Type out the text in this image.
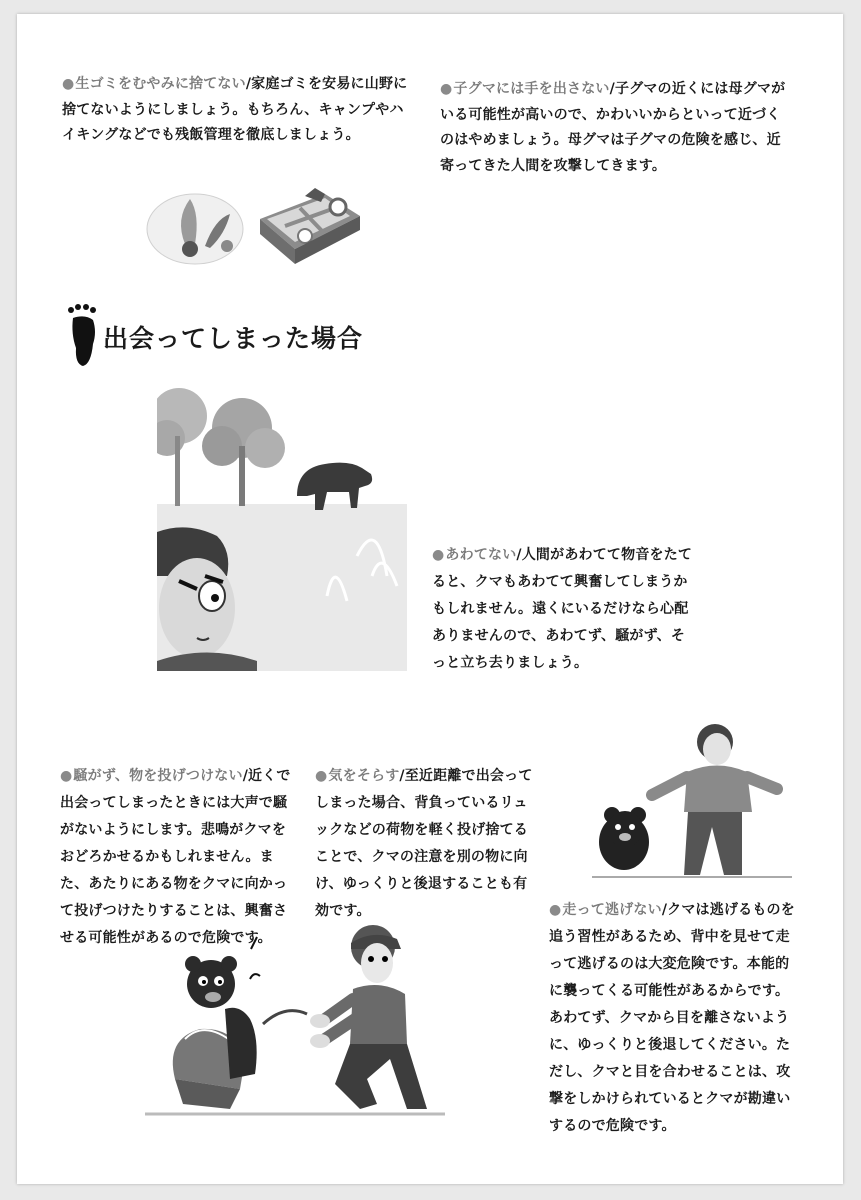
●生ゴミをむやみに捨てない/家庭ゴミを安易に山野に捨てないようにしましょう。もちろん、キャンプやハイキングなどでも残飯管理を徹底しましょう。

●子グマには手を出さない/子グマの近くには母グマがいる可能性が高いので、かわいいからといって近づくのはやめましょう。母グマは子グマの危険を感じ、近寄ってきた人間を攻撃してきます。

出会ってしまった場合

●あわてない/人間があわてて物音をたてると、クマもあわてて興奮してしまうかもしれません。遠くにいるだけなら心配ありませんので、あわてず、騒がず、そっと立ち去りましょう。

●騒がず、物を投げつけない/近くで出会ってしまったときには大声で騒がないようにします。悲鳴がクマをおどろかせるかもしれません。また、あたりにある物をクマに向かって投げつけたりすることは、興奮させる可能性があるので危険です。

●気をそらす/至近距離で出会ってしまった場合、背負っているリュックなどの荷物を軽く投げ捨てることで、クマの注意を別の物に向け、ゆっくりと後退することも有効です。	●走って逃げない/クマは逃げるものを追う習性があるため、背中を見せて走って逃げるのは大変危険です。本能的に襲ってくる可能性があるからです。あわてず、クマから目を離さないように、ゆっくりと後退してください。ただし、クマと目を合わせることは、攻撃をしかけられているとクマが勘違いするので危険です。
